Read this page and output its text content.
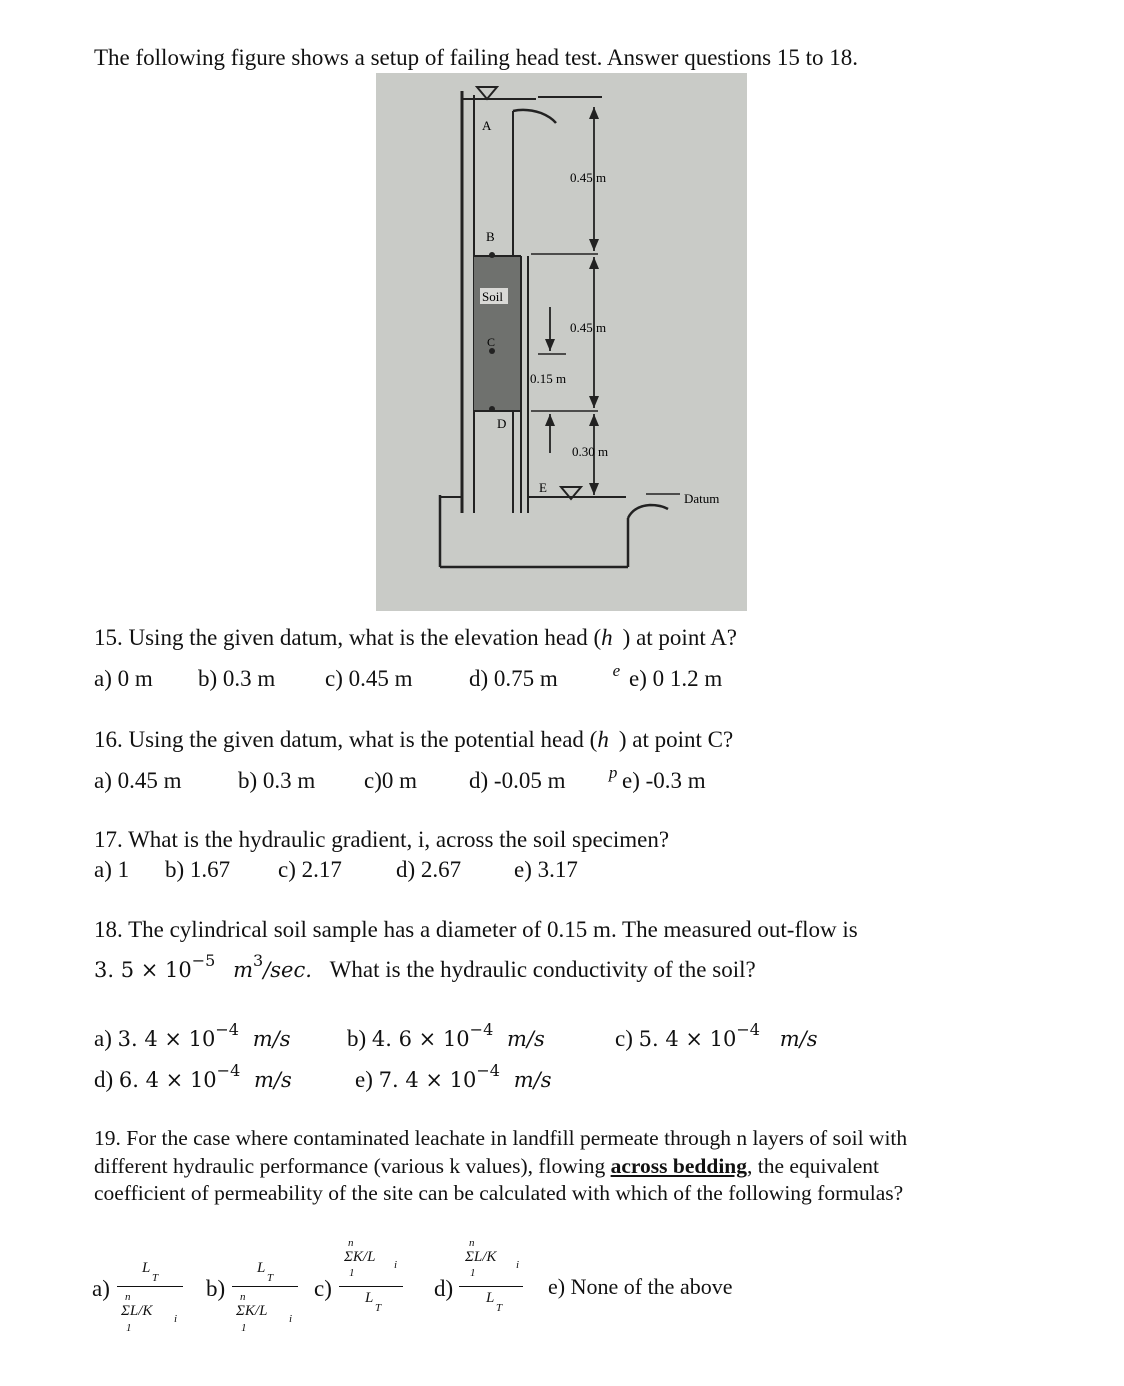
The following figure shows a setup of failing head test. Answer questions 15 to 18.
A
B
C
D
E
Soil
0.45 m
0.45 m
0.15 m
0.30 m
Datum
15. Using the given datum, what is the elevation head (h
e
) at point A?
a) 0 m b) 0.3 m c) 0.45 m d) 0.75 m	e) 0 1.2 m
16. Using the given datum, what is the potential head (h
p
) at point C?
a) 0.45 m b) 0.3 m c)0 m d) -0.05 m e) -0.3 m
17. What is the hydraulic gradient, i, across the soil specimen?
a) 1 b) 1.67 c) 2.17 d) 2.67 e) 3.17
18. The cylindrical soil sample has a diameter of 0.15 m. The measured out-flow is
3. $5 \times 10^{-5}$ $m^3/\sec$. What is the hydraulic conductivity of the soil?
a) 3. $4 \times 10^{-4}$ m/s b) 4. $6 \times 10^{-4}$ m/s	c) 5. $4 \times 10^{-4}$ m/s
d) 6. $4 \times 10^{-4}$ m/s	e) 7. $4 \times 10^{-4}$ m/s
19. For the case where contaminated leachate in landfill permeate through n layers of soil with
different hydraulic performance (various k values), flowing across bedding, the equivalent
coefficient of permeability of the site can be calculated with which of the following formulas?
a)
L
T
n
ΣL/K
1
i
b)
L
T
n
ΣK/L
1
i
c)
n
ΣK/L
1
i
L
T
d)
n
ΣL/K
1
i
L
T
e) None of the above
